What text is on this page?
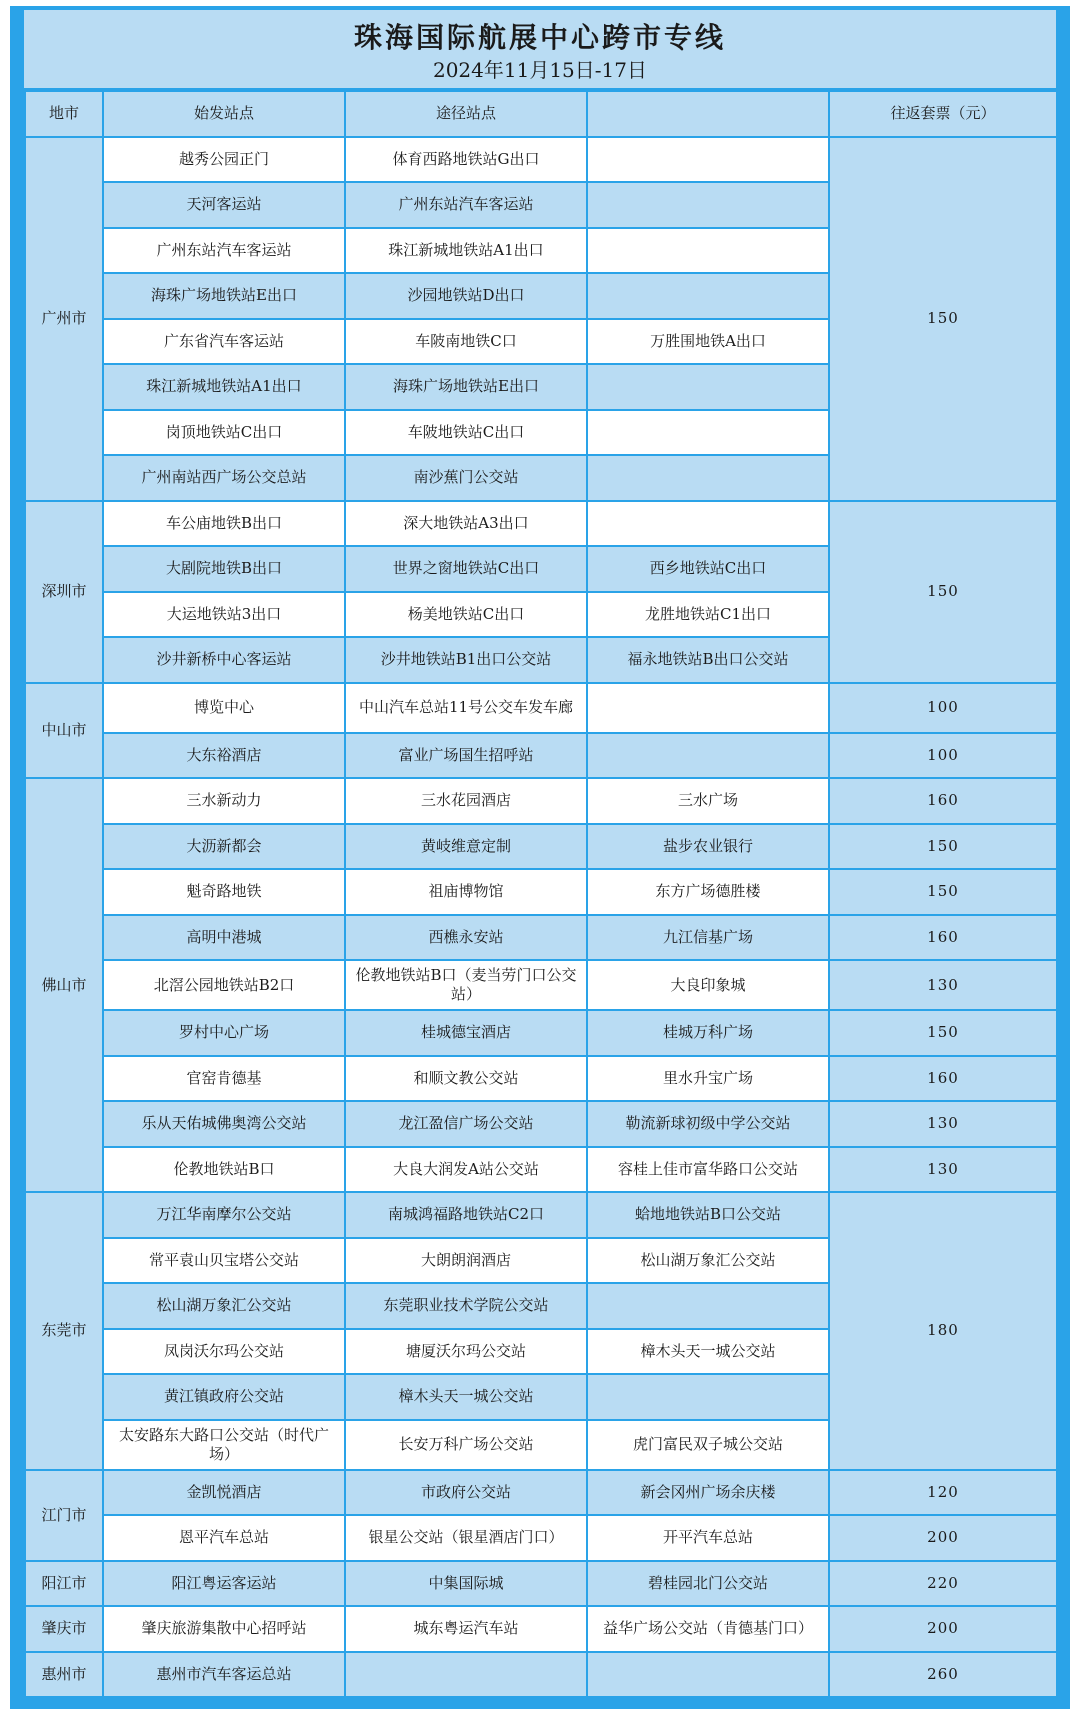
珠海国际航展中心跨市专线
2024年11月15日-17日
地市	始发站点	途径站点		往返套票（元）
广州市	越秀公园正门	体育西路地铁站G出口		150
	天河客运站	广州东站汽车客运站		
	广州东站汽车客运站	珠江新城地铁站A1出口		
	海珠广场地铁站E出口	沙园地铁站D出口		
	广东省汽车客运站	车陂南地铁C口	万胜围地铁A出口	
	珠江新城地铁站A1出口	海珠广场地铁站E出口		
	岗顶地铁站C出口	车陂地铁站C出口		
	广州南站西广场公交总站	南沙蕉门公交站		
深圳市	车公庙地铁B出口	深大地铁站A3出口		150
	大剧院地铁B出口	世界之窗地铁站C出口	西乡地铁站C出口	
	大运地铁站3出口	杨美地铁站C出口	龙胜地铁站C1出口	
	沙井新桥中心客运站	沙井地铁站B1出口公交站	福永地铁站B出口公交站	
中山市	博览中心	中山汽车总站11号公交车发车廊		100
	大东裕酒店	富业广场国生招呼站		100
佛山市	三水新动力	三水花园酒店	三水广场	160
	大沥新都会	黄岐维意定制	盐步农业银行	150
	魁奇路地铁	祖庙博物馆	东方广场德胜楼	150
	高明中港城	西樵永安站	九江信基广场	160
	北滘公园地铁站B2口	伦教地铁站B口（麦当劳门口公交站）	大良印象城	130
	罗村中心广场	桂城德宝酒店	桂城万科广场	150
	官窑肯德基	和顺文教公交站	里水升宝广场	160
	乐从天佑城佛奥湾公交站	龙江盈信广场公交站	勒流新球初级中学公交站	130
	伦教地铁站B口	大良大润发A站公交站	容桂上佳市富华路口公交站	130
东莞市	万江华南摩尔公交站	南城鸿福路地铁站C2口	蛤地地铁站B口公交站	180
	常平袁山贝宝塔公交站	大朗朗润酒店	松山湖万象汇公交站	
	松山湖万象汇公交站	东莞职业技术学院公交站		
	凤岗沃尔玛公交站	塘厦沃尔玛公交站	樟木头天一城公交站	
	黄江镇政府公交站	樟木头天一城公交站		
	太安路东大路口公交站（时代广场）	长安万科广场公交站	虎门富民双子城公交站	
江门市	金凯悦酒店	市政府公交站	新会冈州广场余庆楼	120
	恩平汽车总站	银星公交站（银星酒店门口）	开平汽车总站	200
阳江市	阳江粤运客运站	中集国际城	碧桂园北门公交站	220
肇庆市	肇庆旅游集散中心招呼站	城东粤运汽车站	益华广场公交站（肯德基门口）	200
惠州市	惠州市汽车客运总站			260
